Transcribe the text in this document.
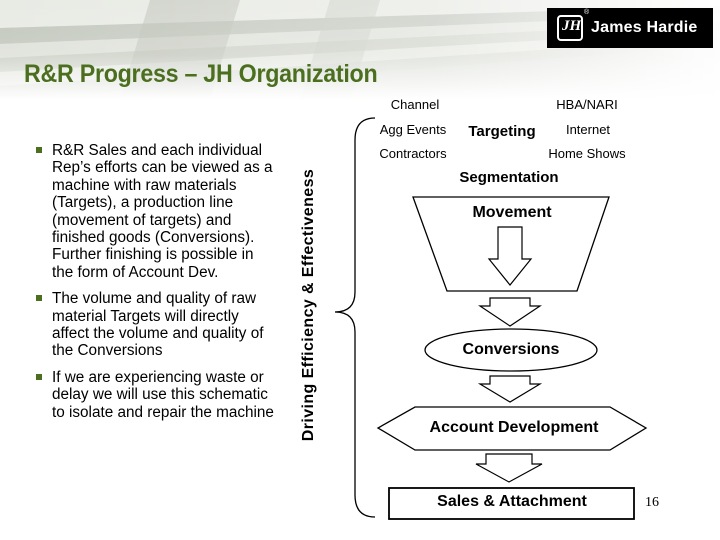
JH James Hardie
®
R&R Progress – JH Organization
R&R Sales and each individual Rep’s efforts can be viewed as a machine with raw materials (Targets), a production line (movement of targets) and finished goods (Conversions). Further finishing is possible in the form of Account Dev.
The volume and quality of raw material Targets will directly affect the volume and quality of the Conversions
If we are experiencing waste or delay we will use this schematic to isolate and repair the machine Driving Efficiency & Effectiveness
Channel
Agg Events
Contractors
HBA/NARI
Internet
Home Shows
Targeting
Segmentation
Movement
Conversions
Account Development
Sales & Attachment	16
